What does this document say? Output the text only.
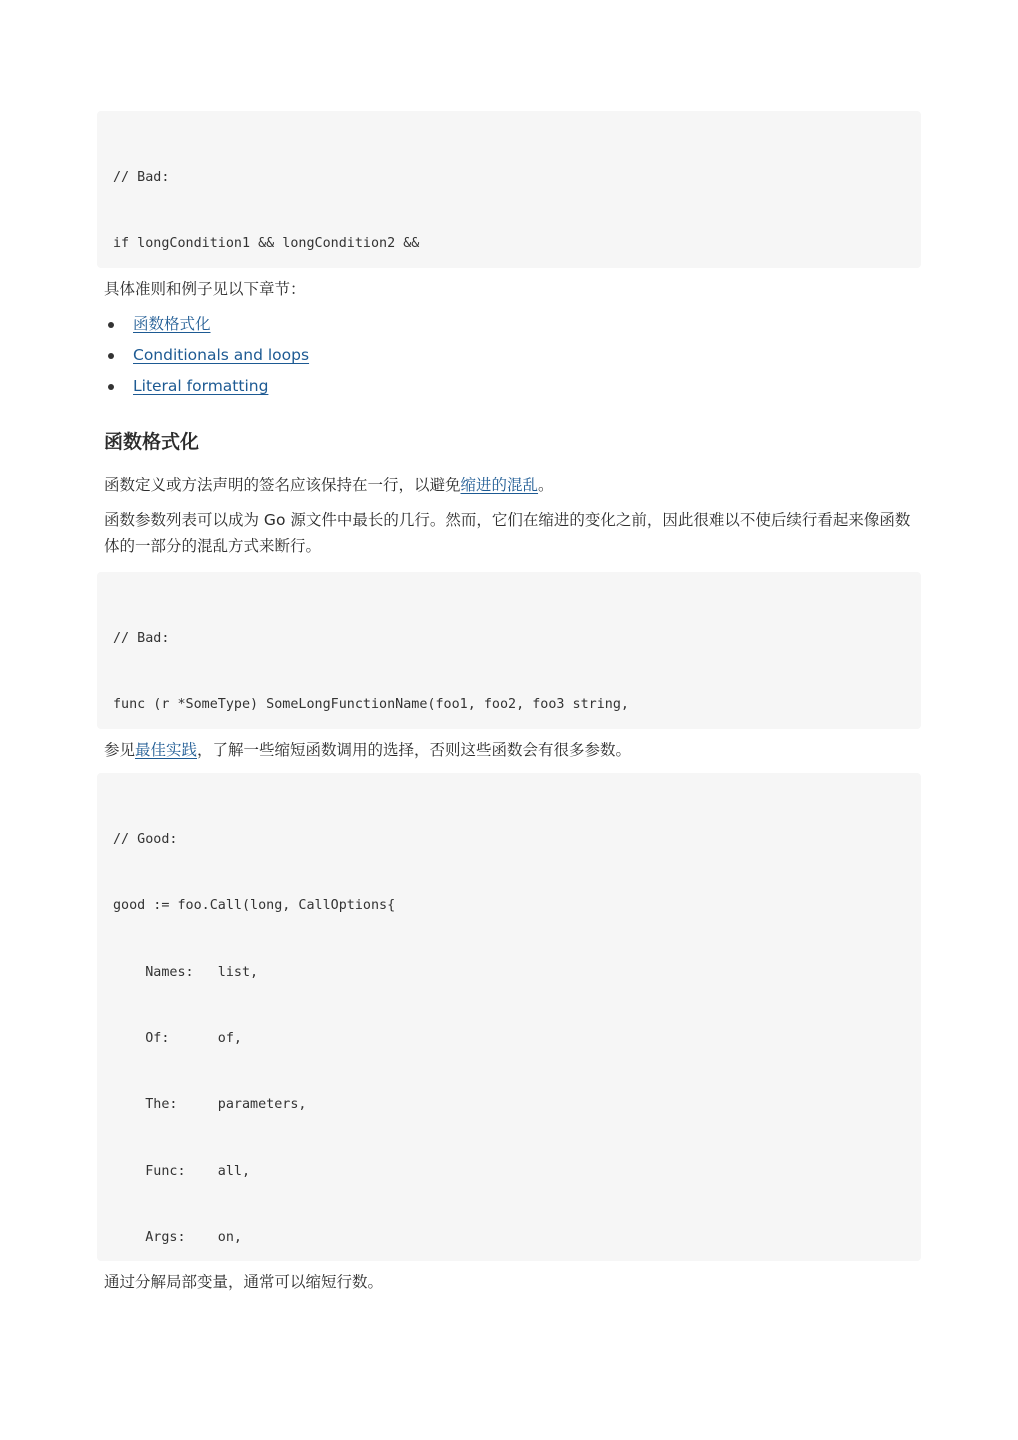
// Bad:

if longCondition1 && longCondition2 &&

具体准则和例子见以下章节：

函数格式化
Conditionals and loops
Literal formatting
函数格式化

函数定义或方法声明的签名应该保持在一行，以避免缩进的混乱。

函数参数列表可以成为 Go 源文件中最长的几行。然而，它们在缩进的变化之前，因此很难以不使后续行看起来像函数体的一部分的混乱方式来断行。

// Bad:

func (r *SomeType) SomeLongFunctionName(foo1, foo2, foo3 string,

参见最佳实践，了解一些缩短函数调用的选择，否则这些函数会有很多参数。

// Good:

good := foo.Call(long, CallOptions{

Names:   list,

Of:      of,

The:     parameters,

Func:    all,

Args:    on,

通过分解局部变量，通常可以缩短行数。
